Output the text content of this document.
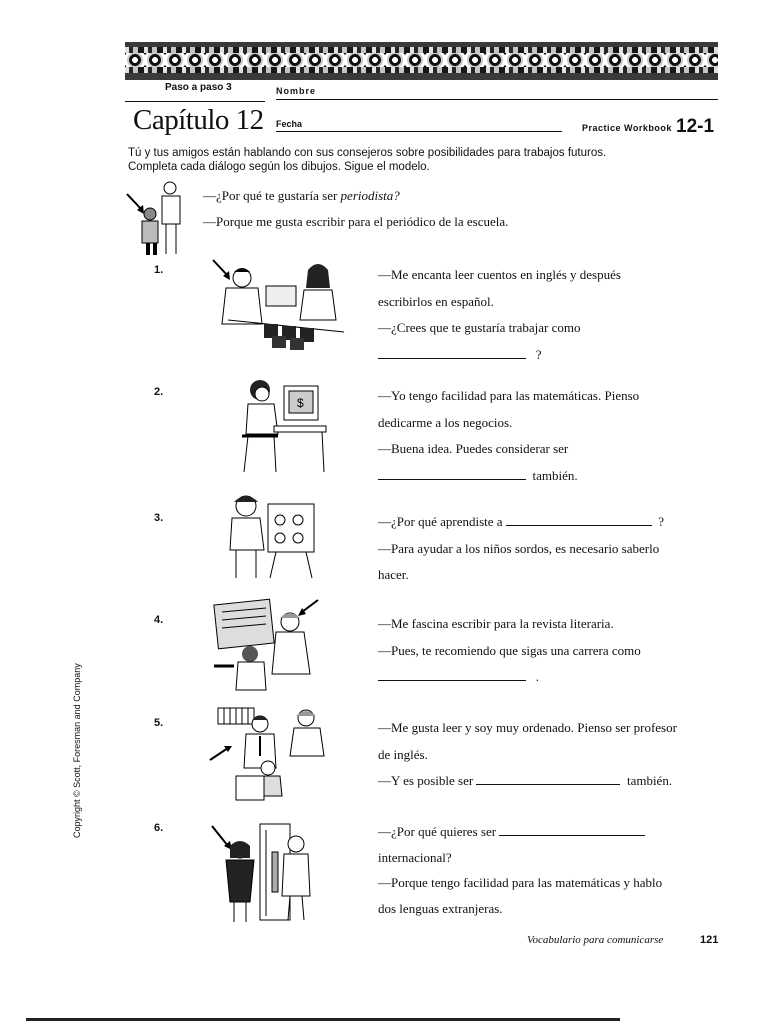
Paso a paso 3	Nombre
Capítulo 12 Fecha	Practice Workbook 12-1
Tú y tus amigos están hablando con sus consejeros sobre posibilidades para trabajos futuros.
Completa cada diálogo según los dibujos. Sigue el modelo.
—¿Por qué te gustaría ser periodista?
—Porque me gusta escribir para el periódico de la escuela.
1.	—Me encanta leer cuentos en inglés y después
escribirlos en español.
—¿Crees que te gustaría trabajar como
?
2.
$	—Yo tengo facilidad para las matemáticas. Pienso
dedicarme a los negocios.
—Buena idea. Puedes considerar ser
también.
3.	—¿Por qué aprendiste a	?
—Para ayudar a los niños sordos, es necesario saberlo
hacer.
4.	—Me fascina escribir para la revista literaria.
—Pues, te recomiendo que sigas una carrera como
.
5.	—Me gusta leer y soy muy ordenado. Pienso ser profesor
de inglés.
—Y es posible ser	también.
6.	—¿Por qué quieres ser
internacional?
—Porque tengo facilidad para las matemáticas y hablo
dos lenguas extranjeras.
Copyright © Scott, Foresman and Company
Vocabulario para comunicarse	121
